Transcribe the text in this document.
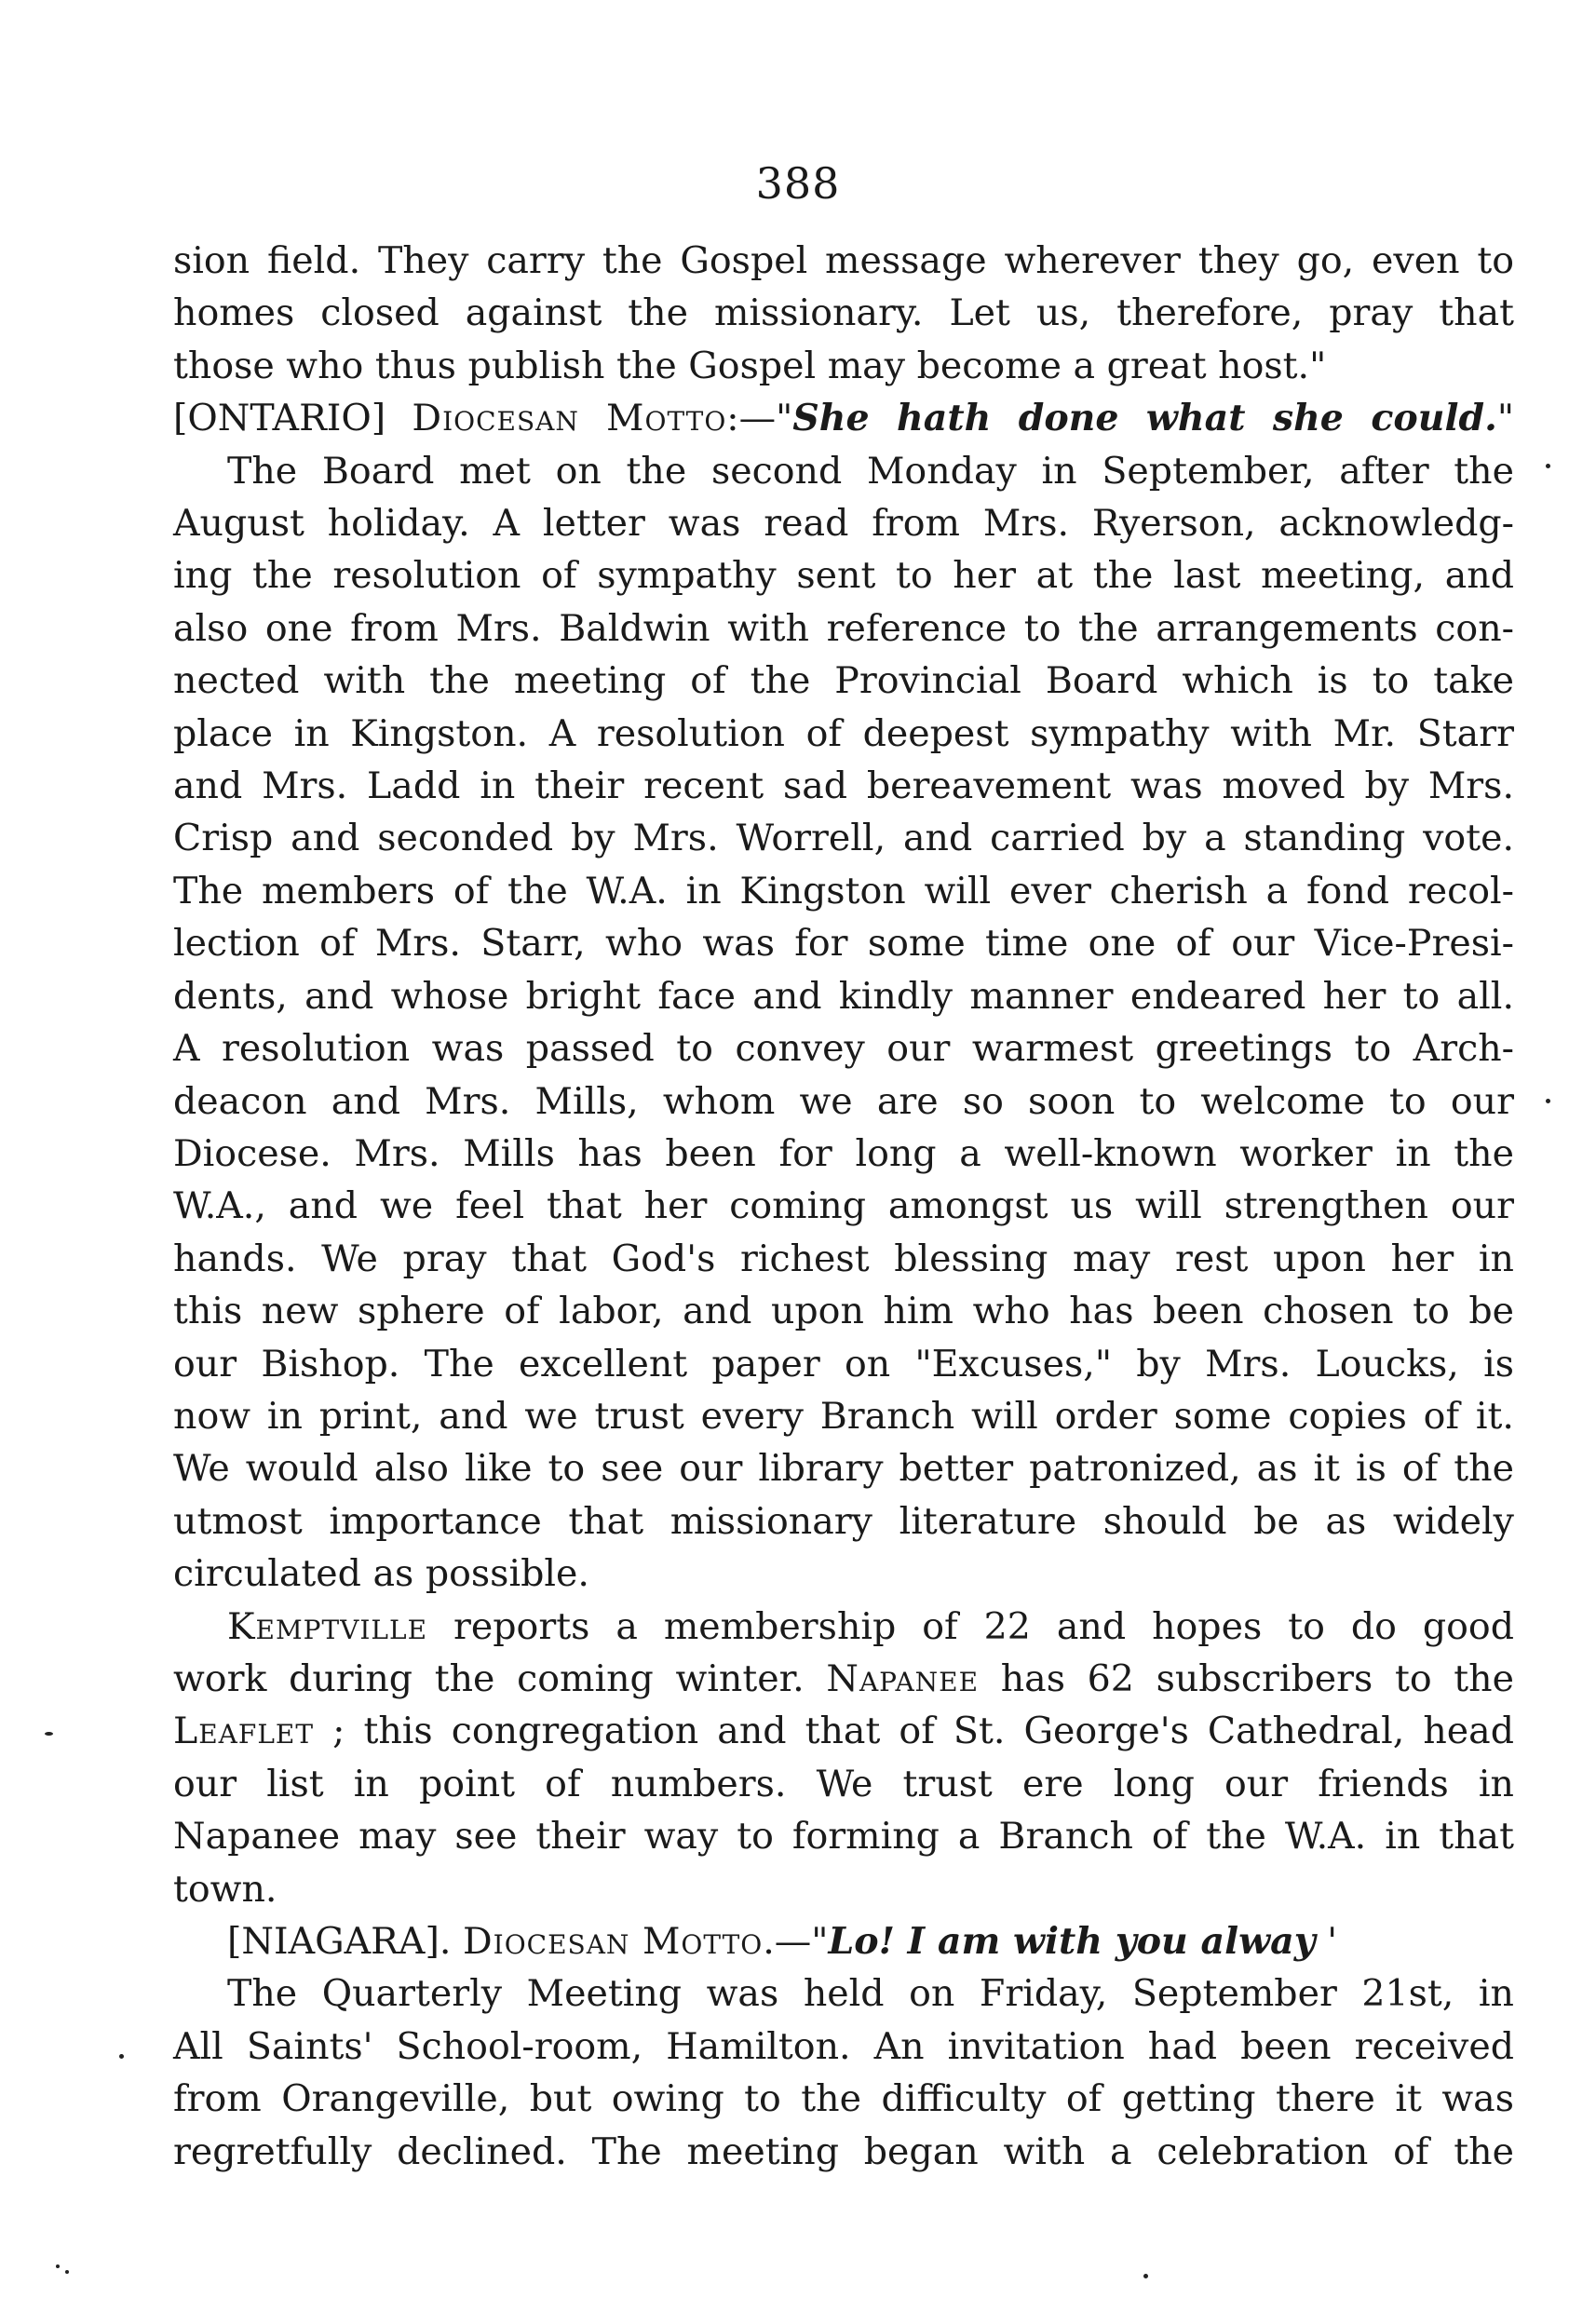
388
sion field. They carry the Gospel message wherever they go, even to
homes closed against the missionary. Let us, therefore, pray that
those who thus publish the Gospel may become a great host."
[ONTARIO] Diocesan Motto:—"She hath done what she could."
The Board met on the second Monday in September, after the
August holiday. A letter was read from Mrs. Ryerson, acknowledg-
ing the resolution of sympathy sent to her at the last meeting, and
also one from Mrs. Baldwin with reference to the arrangements con-
nected with the meeting of the Provincial Board which is to take
place in Kingston. A resolution of deepest sympathy with Mr. Starr
and Mrs. Ladd in their recent sad bereavement was moved by Mrs.
Crisp and seconded by Mrs. Worrell, and carried by a standing vote.
The members of the W.A. in Kingston will ever cherish a fond recol-
lection of Mrs. Starr, who was for some time one of our Vice-Presi-
dents, and whose bright face and kindly manner endeared her to all.
A resolution was passed to convey our warmest greetings to Arch-
deacon and Mrs. Mills, whom we are so soon to welcome to our
Diocese. Mrs. Mills has been for long a well-known worker in the
W.A., and we feel that her coming amongst us will strengthen our
hands. We pray that God's richest blessing may rest upon her in
this new sphere of labor, and upon him who has been chosen to be
our Bishop. The excellent paper on "Excuses," by Mrs. Loucks, is
now in print, and we trust every Branch will order some copies of it.
We would also like to see our library better patronized, as it is of the
utmost importance that missionary literature should be as widely
circulated as possible.
Kemptville reports a membership of 22 and hopes to do good
work during the coming winter. Napanee has 62 subscribers to the
Leaflet ; this congregation and that of St. George's Cathedral, head
our list in point of numbers. We trust ere long our friends in
Napanee may see their way to forming a Branch of the W.A. in that
town.
[NIAGARA]. Diocesan Motto.—"Lo! I am with you alway '
The Quarterly Meeting was held on Friday, September 21st, in
All Saints' School-room, Hamilton. An invitation had been received
from Orangeville, but owing to the difficulty of getting there it was
regretfully declined. The meeting began with a celebration of the
